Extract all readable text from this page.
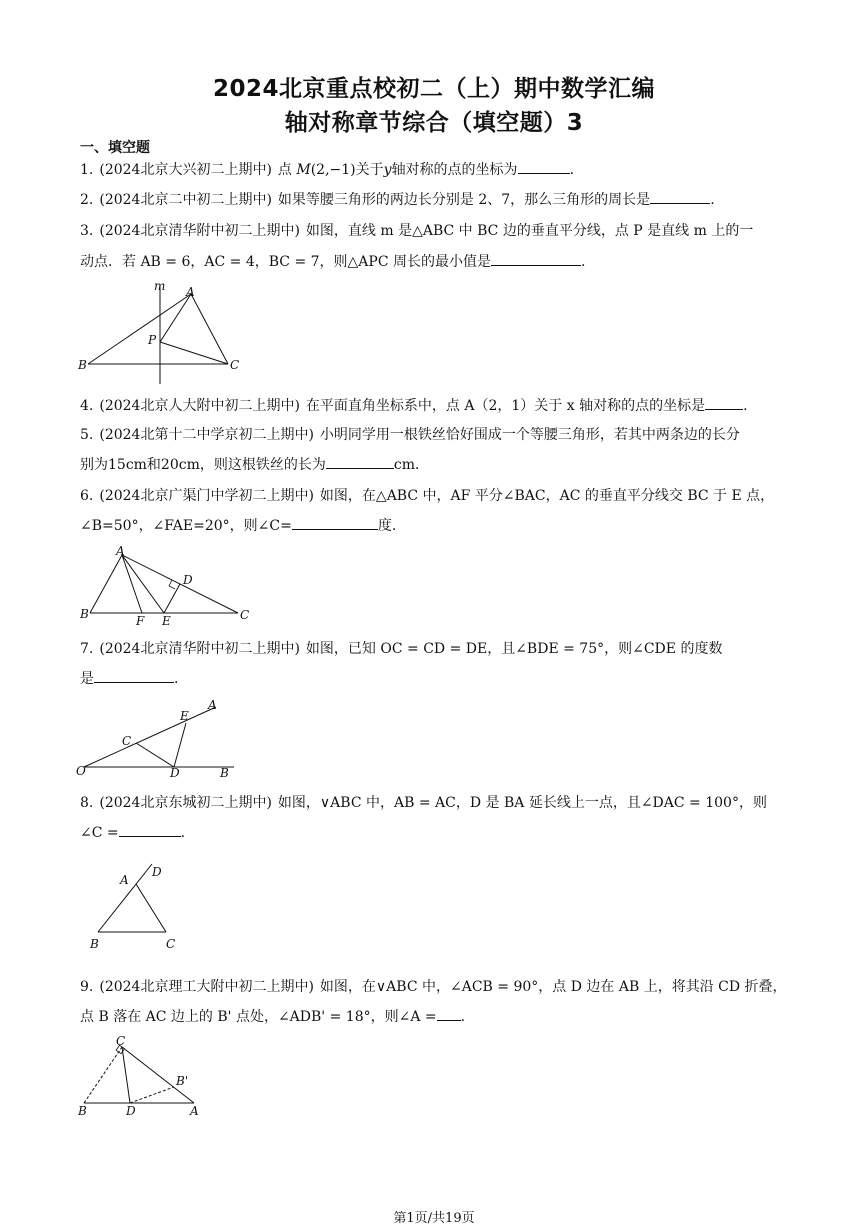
2024北京重点校初二（上）期中数学汇编
轴对称章节综合（填空题）3
一、填空题
1. (2024北京大兴初二上期中) 点 M(2,−1)关于y轴对称的点的坐标为	.
2. (2024北京二中初二上期中) 如果等腰三角形的两边长分别是 2、7，那么三角形的周长是	.
3. (2024北京清华附中初二上期中) 如图，直线 m 是△ABC 中 BC 边的垂直平分线，点 P 是直线 m 上的一
动点．若 AB = 6，AC = 4，BC = 7，则△APC 周长的最小值是	.
m A
P
B	C
4. (2024北京人大附中初二上期中) 在平面直角坐标系中，点 A（2，1）关于 x 轴对称的点的坐标是	.
5. (2024北第十二中学京初二上期中) 小明同学用一根铁丝恰好围成一个等腰三角形，若其中两条边的长分
别为15cm和20cm，则这根铁丝的长为	cm．
6. (2024北京广渠门中学初二上期中) 如图，在△ABC 中，AF 平分∠BAC，AC 的垂直平分线交 BC 于 E 点，
∠B=50°，∠FAE=20°，则∠C=	度.
A
D
B	F E	C
7. (2024北京清华附中初二上期中) 如图，已知 OC = CD = DE，且∠BDE = 75°，则∠CDE 的度数
是	.
E
A
C
O	D	B
8. (2024北京东城初二上期中) 如图，∨ABC 中，AB = AC，D 是 BA 延长线上一点，且∠DAC = 100°，则
∠C =	.
A
D
B	C
9. (2024北京理工大附中初二上期中) 如图，在∨ABC 中，∠ACB = 90°，点 D 边在 AB 上，将其沿 CD 折叠，
点 B 落在 AC 边上的 B' 点处，∠ADB' = 18°，则∠A = .
C
B'
B	D	A
第1页/共19页
